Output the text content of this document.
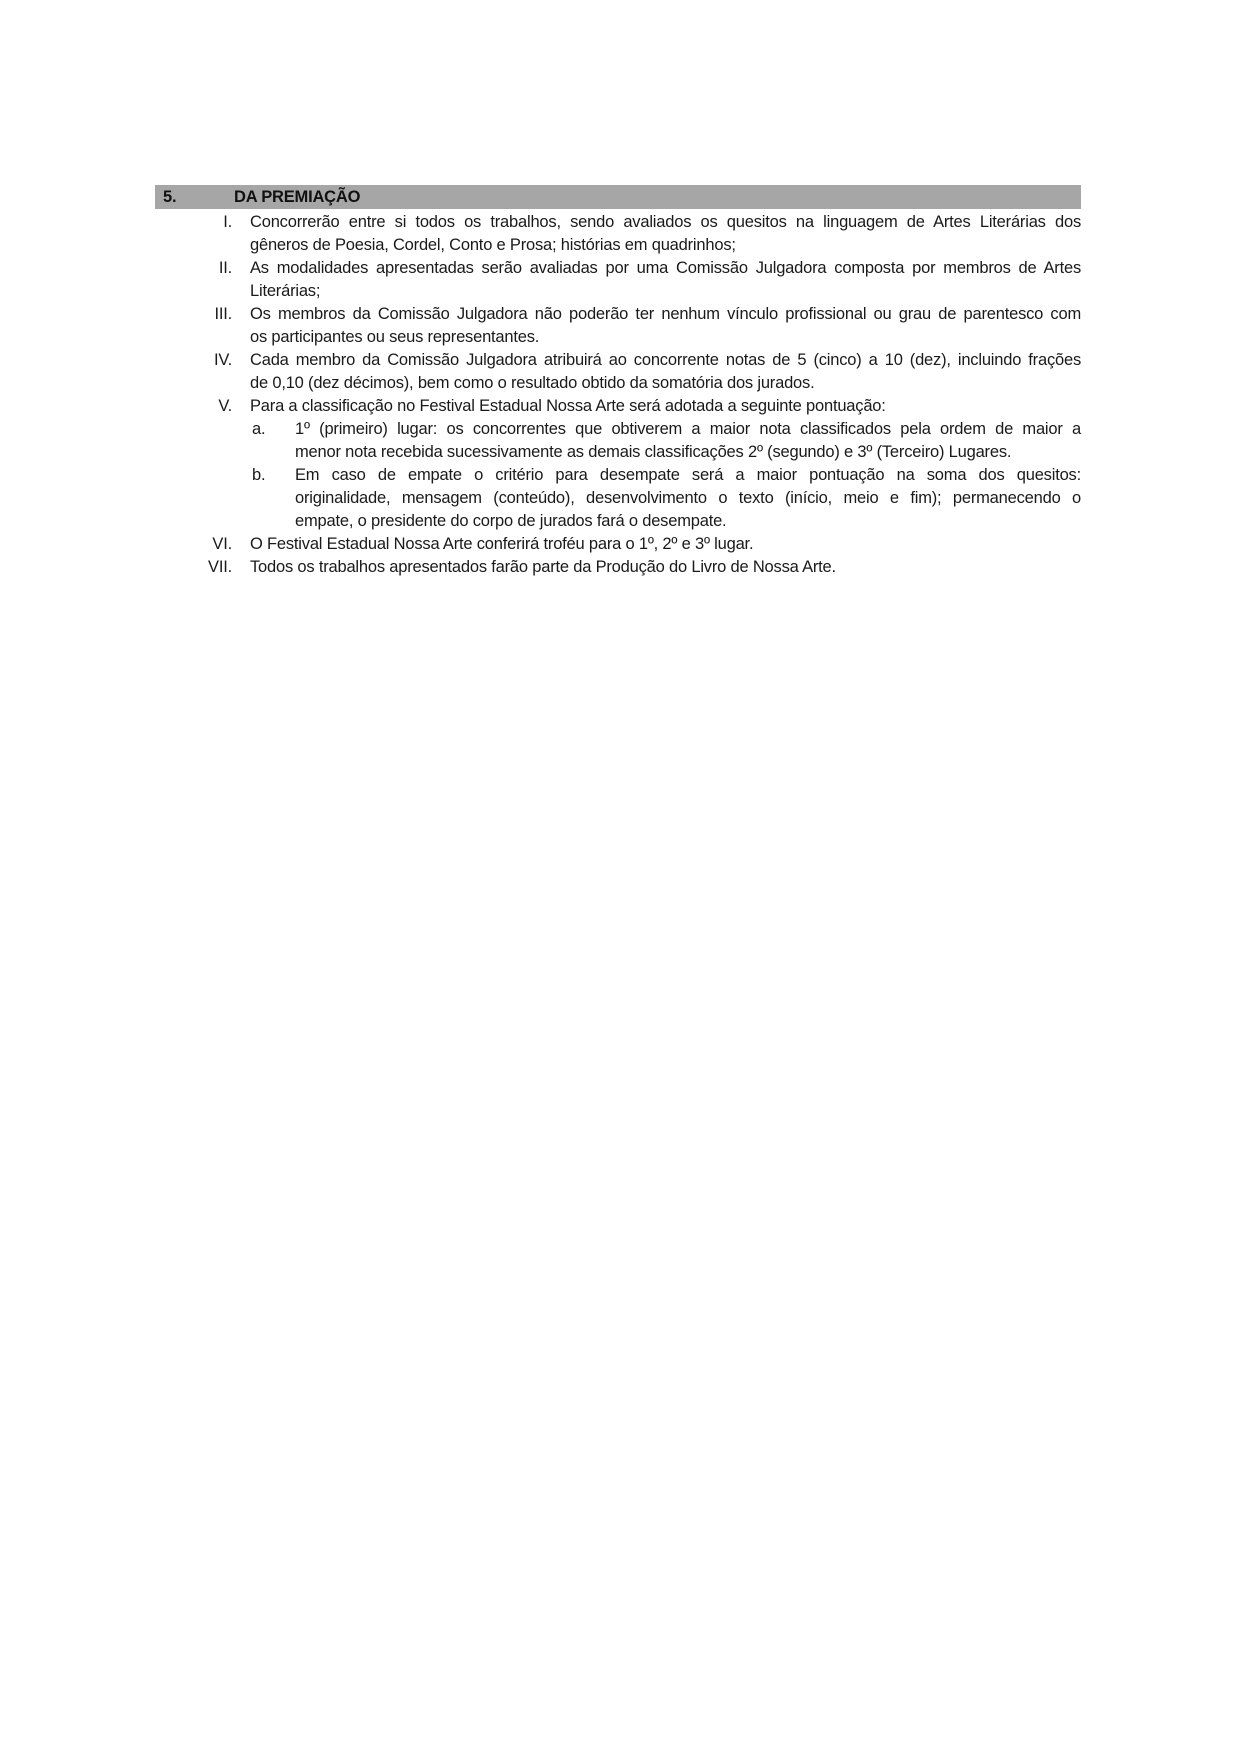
5.	DA PREMIAÇÃO
I.	Concorrerão entre si todos os trabalhos, sendo avaliados os quesitos na linguagem de Artes Literárias dos
gêneros de Poesia, Cordel, Conto e Prosa; histórias em quadrinhos;
II.	As modalidades apresentadas serão avaliadas por uma Comissão Julgadora composta por membros de Artes
Literárias;
III.	Os membros da Comissão Julgadora não poderão ter nenhum vínculo profissional ou grau de parentesco com
os participantes ou seus representantes.
IV.	Cada membro da Comissão Julgadora atribuirá ao concorrente notas de 5 (cinco) a 10 (dez), incluindo frações
de 0,10 (dez décimos), bem como o resultado obtido da somatória dos jurados.
V.	Para a classificação no Festival Estadual Nossa Arte será adotada a seguinte pontuação:
a.	1º (primeiro) lugar: os concorrentes que obtiverem a maior nota classificados pela ordem de maior a
menor nota recebida sucessivamente as demais classificações 2º (segundo) e 3º (Terceiro) Lugares.
b.	Em caso de empate o critério para desempate será a maior pontuação na soma dos quesitos:
originalidade, mensagem (conteúdo), desenvolvimento o texto (início, meio e fim); permanecendo o
empate, o presidente do corpo de jurados fará o desempate.
VI.	O Festival Estadual Nossa Arte conferirá troféu para o 1º, 2º e 3º lugar.
VII.	Todos os trabalhos apresentados farão parte da Produção do Livro de Nossa Arte.
